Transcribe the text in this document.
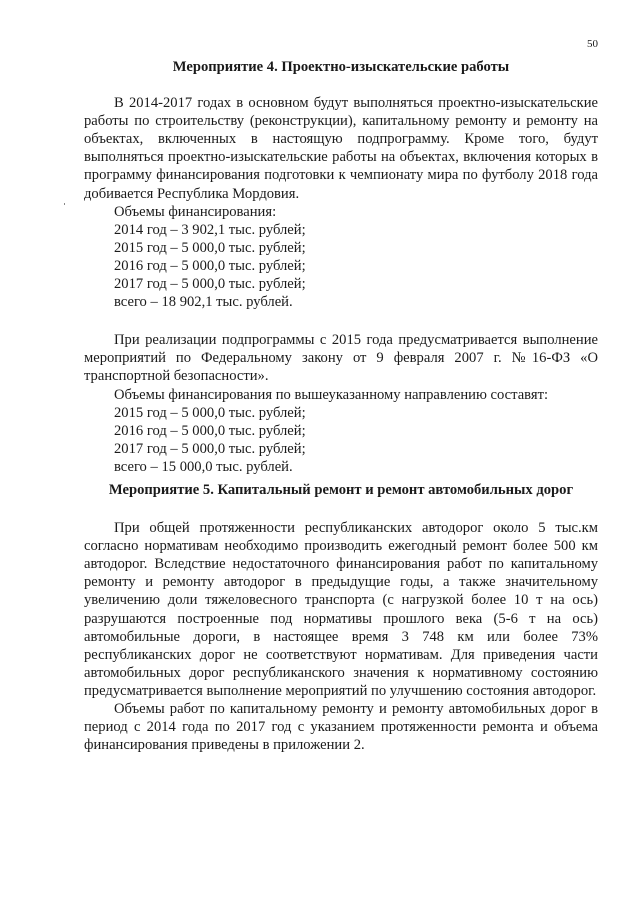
50
Мероприятие 4. Проектно-изыскательские работы

В 2014-2017 годах в основном будут выполняться проектно-изыскательские работы по строительству (реконструкции), капитальному ремонту и ремонту на объектах, включенных в настоящую подпрограмму. Кроме того, будут выполняться проектно-изыскательские работы на объектах, включения которых в программу финансирования подготовки к чемпионату мира по футболу 2018 года добивается Республика Мордовия.

Объемы финансирования:
2014 год – 3 902,1 тыс. рублей;
2015 год – 5 000,0 тыс. рублей;
2016 год – 5 000,0 тыс. рублей;
2017 год – 5 000,0 тыс. рублей;
всего – 18 902,1 тыс. рублей.

При реализации подпрограммы с 2015 года предусматривается выполнение мероприятий по Федеральному закону от 9 февраля 2007 г. №16-ФЗ «О транспортной безопасности».

Объемы финансирования по вышеуказанному направлению составят:
2015 год – 5 000,0 тыс. рублей;
2016 год – 5 000,0 тыс. рублей;
2017 год – 5 000,0 тыс. рублей;
всего – 15 000,0 тыс. рублей.
Мероприятие 5. Капитальный ремонт и ремонт автомобильных дорог

При общей протяженности республиканских автодорог около 5 тыс.км согласно нормативам необходимо производить ежегодный ремонт более 500 км автодорог. Вследствие недостаточного финансирования работ по капитальному ремонту и ремонту автодорог в предыдущие годы, а также значительному увеличению доли тяжеловесного транспорта (с нагрузкой более 10 т на ось) разрушаются построенные под нормативы прошлого века (5-6 т на ось) автомобильные дороги, в настоящее время 3 748 км или более 73% республиканских дорог не соответствуют нормативам. Для приведения части автомобильных дорог республиканского значения к нормативному состоянию предусматривается выполнение мероприятий по улучшению состояния автодорог.

Объемы работ по капитальному ремонту и ремонту автомобильных дорог в период с 2014 года по 2017 год с указанием протяженности ремонта и объема финансирования приведены в приложении 2.
